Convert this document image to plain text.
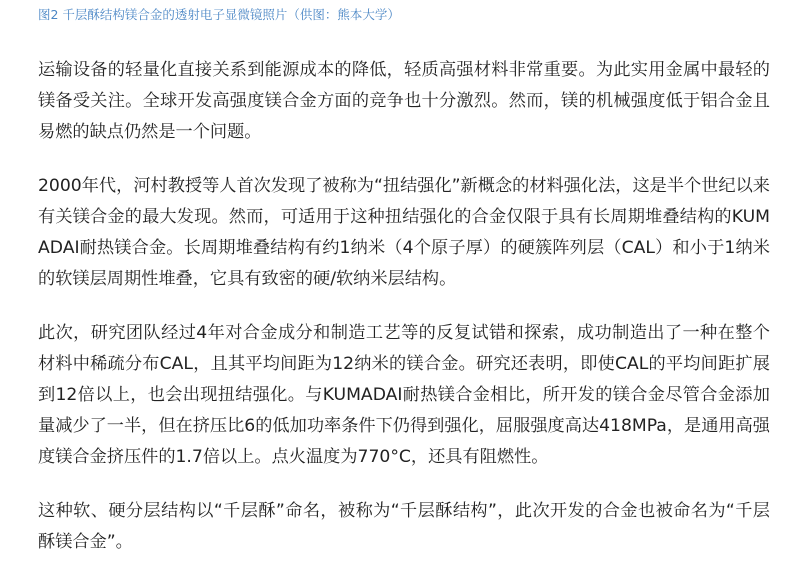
图2 千层酥结构镁合金的透射电子显微镜照片（供图：熊本大学）

运输设备的轻量化直接关系到能源成本的降低，轻质高强材料非常重要。为此实用金属中最轻的镁备受关注。全球开发高强度镁合金方面的竞争也十分激烈。然而，镁的机械强度低于铝合金且易燃的缺点仍然是一个问题。

2000年代，河村教授等人首次发现了被称为“扭结强化”新概念的材料强化法，这是半个世纪以来有关镁合金的最大发现。然而，可适用于这种扭结强化的合金仅限于具有长周期堆叠结构的KUMADAI耐热镁合金。长周期堆叠结构有约1纳米（4个原子厚）的硬簇阵列层（CAL）和小于1纳米的软镁层周期性堆叠，它具有致密的硬/软纳米层结构。

此次，研究团队经过4年对合金成分和制造工艺等的反复试错和探索，成功制造出了一种在整个材料中稀疏分布CAL，且其平均间距为12纳米的镁合金。研究还表明，即使CAL的平均间距扩展到12倍以上，也会出现扭结强化。与KUMADAI耐热镁合金相比，所开发的镁合金尽管合金添加量减少了一半，但在挤压比6的低加功率条件下仍得到强化，屈服强度高达418MPa，是通用高强度镁合金挤压件的1.7倍以上。点火温度为770°C，还具有阻燃性。

这种软、硬分层结构以“千层酥”命名，被称为“千层酥结构”，此次开发的合金也被命名为“千层酥镁合金”。
